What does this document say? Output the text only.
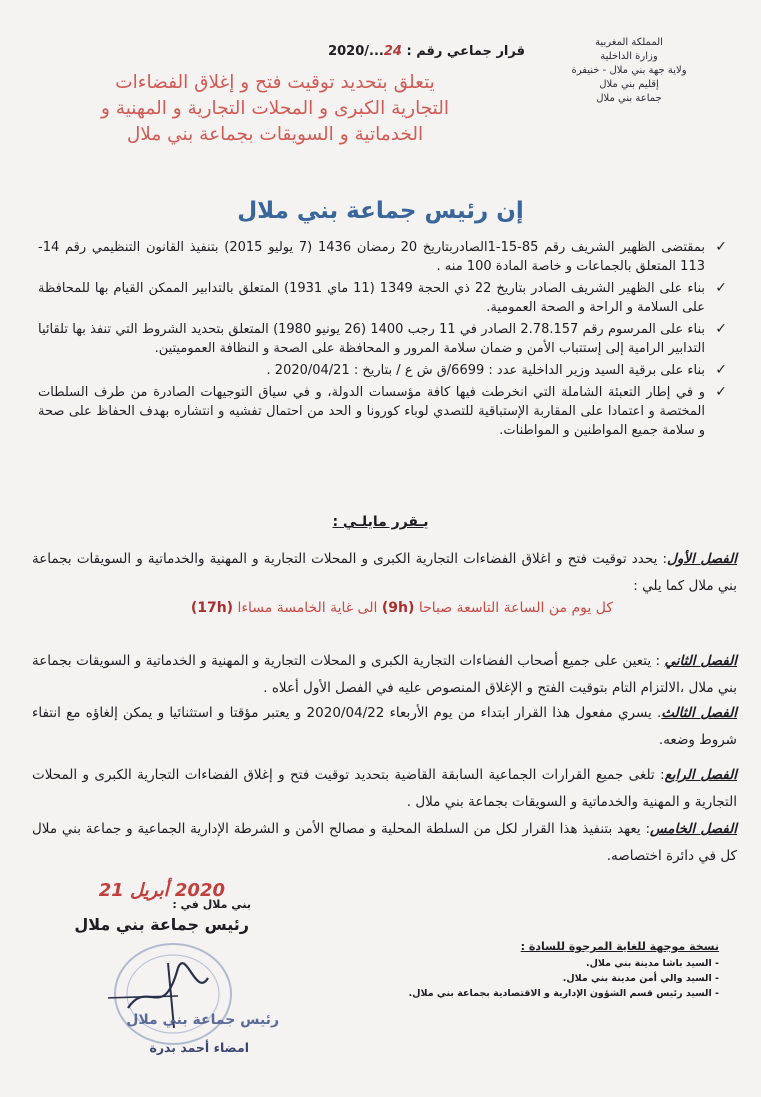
المملكة المغربية
وزارة الداخلية
ولاية جهة بني ملال - خنيفرة
إقليم بني ملال
جماعة بني ملال
قرار جماعي رقم : 24.../2020
يتعلق بتحديد توقيت فتح و إغلاق الفضاءات
التجارية الكبرى و المحلات التجارية و المهنية و
الخدماتية و السويقات بجماعة بني ملال
إن رئيس جماعة بني ملال
✓
بمقتضى الظهير الشريف رقم 85-15-1الصادربتاريخ 20 رمضان 1436 (7 يوليو 2015) بتنفيذ القانون التنظيمي رقم 14-113 المتعلق بالجماعات و خاصة المادة 100 منه .
✓
بناء على الظهير الشريف الصادر بتاريخ 22 ذي الحجة 1349 (11 ماي 1931) المتعلق بالتدابير الممكن القيام بها للمحافظة على السلامة و الراحة و الصحة العمومية.
✓
بناء على المرسوم رقم 2.78.157 الصادر في 11 رجب 1400 (26 يونيو 1980) المتعلق بتحديد الشروط التي تنفذ بها تلقائيا التدابير الرامية إلى إستتباب الأمن و ضمان سلامة المرور و المحافظة على الصحة و النظافة العموميتين.
✓
بناء على برقية السيد وزير الداخلية عدد : 6699/ق ش ع / بتاريخ : 2020/04/21 .
✓
و في إطار التعبئة الشاملة التي انخرطت فيها كافة مؤسسات الدولة، و في سياق التوجيهات الصادرة من طرف السلطات المختصة و اعتمادا على المقاربة الإستباقية للتصدي لوباء كورونا و الحد من احتمال تفشيه و انتشاره بهدف الحفاظ على صحة و سلامة جميع المواطنين و المواطنات.
يـقرر مايلـي :
الفصل الأول: يحدد توقيت فتح و اغلاق الفضاءات التجارية الكبرى و المحلات التجارية و المهنية والخدماتية و السويقات بجماعة بني ملال كما يلي :
كل يوم من الساعة التاسعة صباحا (9h) الى غاية الخامسة مساءا (17h)
الفصل الثاني : يتعين على جميع أصحاب الفضاءات التجارية الكبرى و المحلات التجارية و المهنية و الخدماتية و السويقات بجماعة بني ملال ،الالتزام التام بتوقيت الفتح و الإغلاق المنصوص عليه في الفصل الأول أعلاه .
الفصل الثالث. يسري مفعول هذا القرار ابتداء من يوم الأربعاء 2020/04/22 و يعتبر مؤقتا و استثنائيا و يمكن إلغاؤه مع انتفاء شروط وضعه.
الفصل الرابع: تلغى جميع القرارات الجماعية السابقة القاضية بتحديد توقيت فتح و إغلاق الفضاءات التجارية الكبرى و المحلات التجارية و المهنية والخدماتية و السويقات بجماعة بني ملال .
الفصل الخامس: يعهد بتنفيذ هذا القرار لكل من السلطة المحلية و مصالح الأمن و الشرطة الإدارية الجماعية و جماعة بني ملال كل في دائرة اختصاصه.
2020 أبريل 21
بني ملال في :
رئيس جماعة بني ملال
رئيس جماعة بني ملال
امضاء أحمد بدرة
نسخة موجهة للغاية المرجوة للسادة :
- السيد باشا مدينة بني ملال.
- السيد والي أمن مدينة بني ملال.
- السيد رئيس قسم الشؤون الإدارية و الاقتصادية بجماعة بني ملال.
